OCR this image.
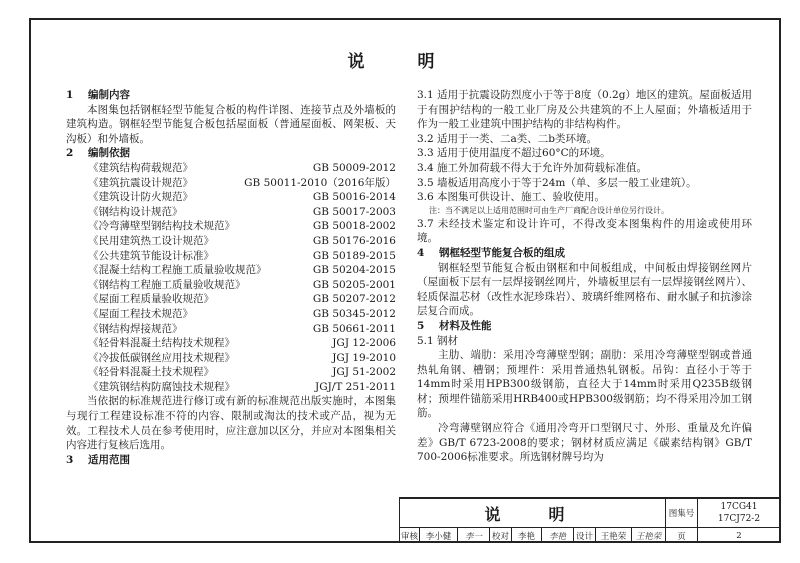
说　明
1 编制内容
本图集包括钢框轻型节能复合板的构件详图、连接节点及外墙板的建筑构造。钢框轻型节能复合板包括屋面板（普通屋面板、网架板、天沟板）和外墙板。
2 编制依据
《建筑结构荷载规范》	GB 50009-2012
《建筑抗震设计规范》	GB 50011-2010（2016年版）
《建筑设计防火规范》	GB 50016-2014
《钢结构设计规范》	GB 50017-2003
《冷弯薄壁型钢结构技术规范》	GB 50018-2002
《民用建筑热工设计规范》	GB 50176-2016
《公共建筑节能设计标准》	GB 50189-2015
《混凝土结构工程施工质量验收规范》	GB 50204-2015
《钢结构工程施工质量验收规范》	GB 50205-2001
《屋面工程质量验收规范》	GB 50207-2012
《屋面工程技术规范》	GB 50345-2012
《钢结构焊接规范》	GB 50661-2011
《轻骨料混凝土结构技术规程》	JGJ 12-2006
《冷拔低碳钢丝应用技术规程》	JGJ 19-2010
《轻骨料混凝土技术规程》	JGJ 51-2002
《建筑钢结构防腐蚀技术规程》	JGJ/T 251-2011
当依据的标准规范进行修订或有新的标准规范出版实施时，本图集与现行工程建设标准不符的内容、限制或淘汰的技术或产品，视为无效。工程技术人员在参考使用时，应注意加以区分，并应对本图集相关内容进行复核后选用。
3 适用范围
3.1 适用于抗震设防烈度小于等于8度（0.2g）地区的建筑。屋面板适用于有围护结构的一般工业厂房及公共建筑的不上人屋面；外墙板适用于作为一般工业建筑中围护结构的非结构构件。
3.2 适用于一类、二a类、二b类环境。
3.3 适用于使用温度不超过60°C的环境。
3.4 施工外加荷载不得大于允许外加荷载标准值。
3.5 墙板适用高度小于等于24m（单、多层一般工业建筑）。
3.6 本图集可供设计、施工、验收使用。
注：当不满足以上适用范围时可由生产厂商配合设计单位另行设计。
3.7 未经技术鉴定和设计许可，不得改变本图集构件的用途或使用环境。
4 钢框轻型节能复合板的组成
钢框轻型节能复合板由钢框和中间板组成，中间板由焊接钢丝网片（屋面板下层有一层焊接钢丝网片，外墙板里层有一层焊接钢丝网片）、轻质保温芯材（改性水泥珍珠岩）、玻璃纤维网格布、耐水腻子和抗渗涂层复合而成。
5 材料及性能
5.1 钢材
主肋、端肋：采用冷弯薄壁型钢；副肋：采用冷弯薄壁型钢或普通热轧角钢、槽钢；预埋件：采用普通热轧钢板。吊钩：直径小于等于14mm时采用HPB300级钢筋，直径大于14mm时采用Q235B级钢材；预埋件锚筋采用HRB400或HPB300级钢筋；均不得采用冷加工钢筋。
冷弯薄壁钢应符合《通用冷弯开口型钢尺寸、外形、重量及允许偏差》GB/T 6723-2008的要求；钢材材质应满足《碳素结构钢》GB/T 700-2006标准要求。所选钢材牌号均为
说　明	图集号
17CG41
17CJ72-2
审核 李小健	李一	校对	李艳	李艳	设计 王艳荣	王艳荣	页	2
